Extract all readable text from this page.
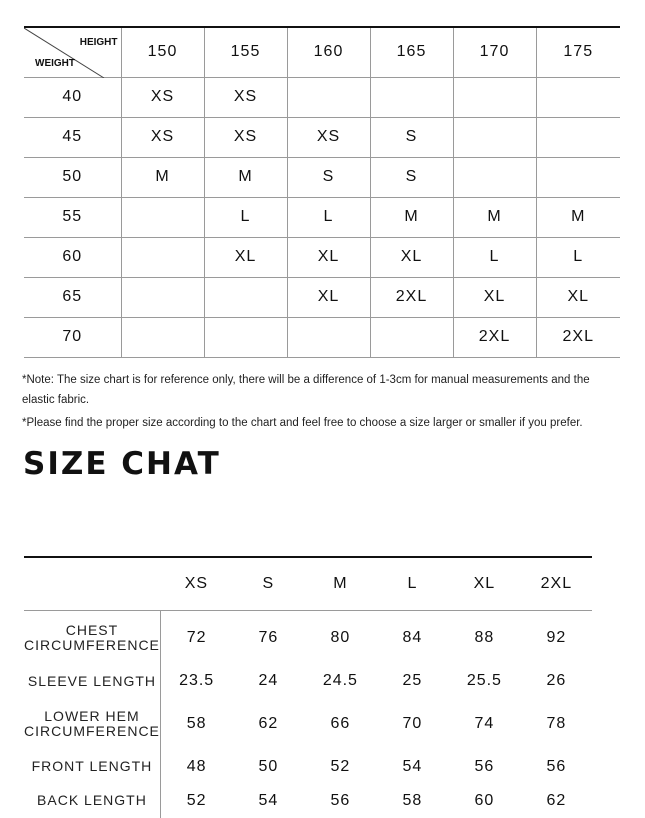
HEIGHT
WEIGHT	150	155	160	165	170	175
40	XS	XS				
45	XS	XS	XS	S		
50	M	M	S	S		
55		L	L	M	M	M
60		XL	XL	XL	L	L
65			XL	2XL	XL	XL
70					2XL	2XL
*Note: The size chart is for reference only, there will be a difference of 1-3cm for manual measurements and the elastic fabric.
*Please find the proper size according to the chart and feel free to choose a size larger or smaller if you prefer.
SIZE CHAT
	XS	S	M	L	XL	2XL
CHEST CIRCUMFERENCE	72	76	80	84	88	92
SLEEVE LENGTH	23.5	24	24.5	25	25.5	26
LOWER HEM CIRCUMFERENCE	58	62	66	70	74	78
FRONT LENGTH	48	50	52	54	56	56
BACK LENGTH	52	54	56	58	60	62
